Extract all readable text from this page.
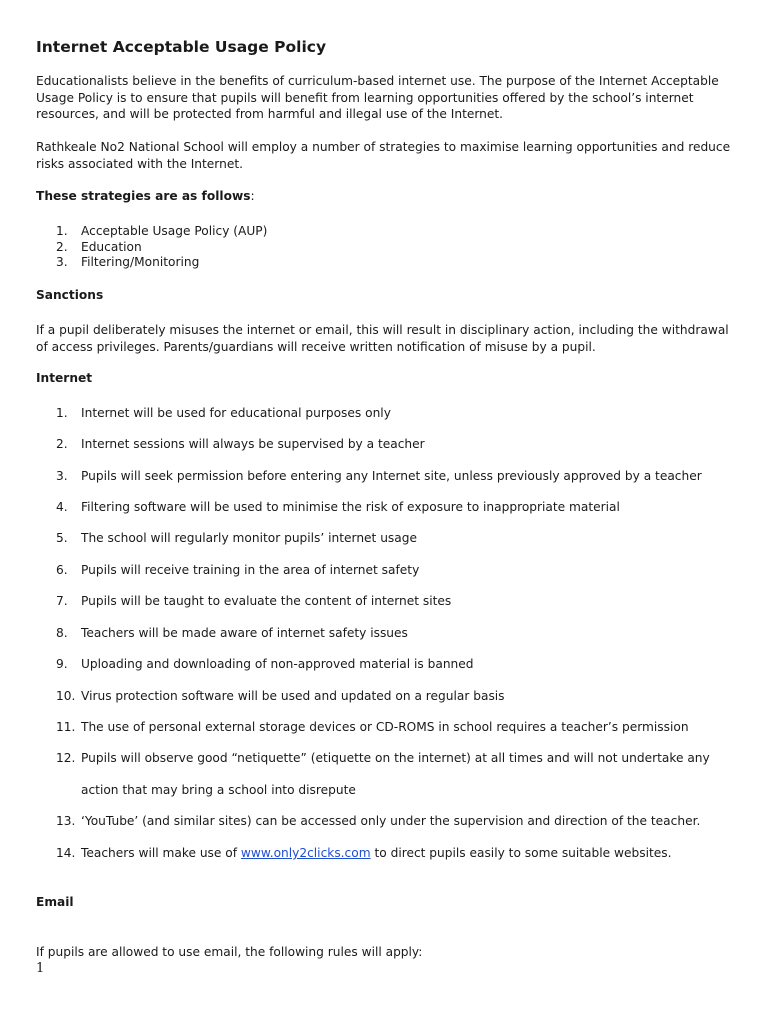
Internet Acceptable Usage Policy

Educationalists believe in the benefits of curriculum-based internet use. The purpose of the Internet Acceptable Usage Policy is to ensure that pupils will benefit from learning opportunities offered by the school’s internet resources, and will be protected from harmful and illegal use of the Internet.

Rathkeale No2 National School will employ a number of strategies to maximise learning opportunities and reduce risks associated with the Internet.

These strategies are as follows:

1. Acceptable Usage Policy (AUP)
2. Education
3. Filtering/Monitoring

Sanctions

If a pupil deliberately misuses the internet or email, this will result in disciplinary action, including the withdrawal of access privileges. Parents/guardians will receive written notification of misuse by a pupil.

Internet

1.	Internet will be used for educational purposes only
2.	Internet sessions will always be supervised by a teacher
3.	Pupils will seek permission before entering any Internet site, unless previously approved by a teacher
4.	Filtering software will be used to minimise the risk of exposure to inappropriate material
5.	The school will regularly monitor pupils’ internet usage
6.	Pupils will receive training in the area of internet safety
7.	Pupils will be taught to evaluate the content of internet sites
8.	Teachers will be made aware of internet safety issues
9.	Uploading and downloading of non-approved material is banned
10. Virus protection software will be used and updated on a regular basis
11. The use of personal external storage devices or CD-ROMS in school requires a teacher’s permission
12. Pupils will observe good “netiquette” (etiquette on the internet) at all times and will not undertake any
action that may bring a school into disrepute
13. ‘YouTube’ (and similar sites) can be accessed only under the supervision and direction of the teacher.
14. Teachers will make use of www.only2clicks.com to direct pupils easily to some suitable websites.

Email

If pupils are allowed to use email, the following rules will apply:

1
